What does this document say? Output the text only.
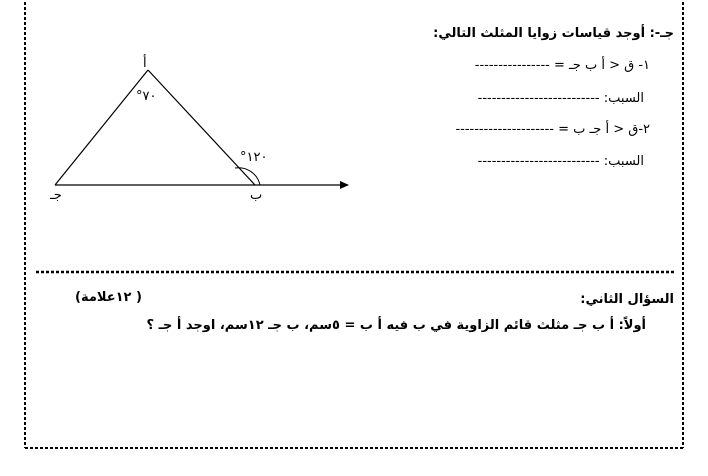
أ
ب
جـ
°٧٠
°١٢٠
جـ-: أوجد قياسات زوايا المثلث التالي:
١- ق < أ ب جـ = ----------------
السبب: --------------------------
٢-ق < أ جـ ب = ---------------------
السبب: --------------------------
السؤال الثاني:
( ١٢علامة)
أولاً: أ ب جـ مثلث قائم الزاوية في ب فيه أ ب = ٥سم، ب جـ ١٢سم، اوجد أ جـ ؟
